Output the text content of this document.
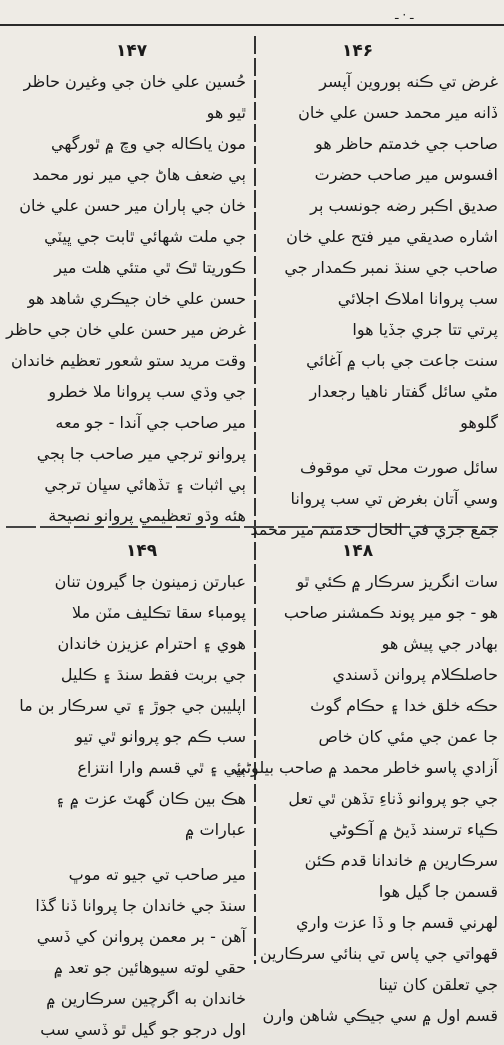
ـ · ـ
۱۴۷
حُسين علي خان جي وغيرن حاظر
ٿيو هو
مون ياڪاله جي وچ ۾ ٿورگهي
ٻي ضعف هاڻ جي مير نور محمد
خان جي ٻاران مير حسن علي خان
جي ملت شهائي ٿابت جي ڀيٽي
ڪوريتا ٿڪ ٿي متئي هلت مير
حسن علي خان جيڪري شاهد هو
غرض مير حسن علي خان جي حاظر
وقت مريد ستو شعور تعظيم خاندان
جي وڌي سب پروانا ملا خطرو
مير صاحب جي آندا - جو معه
پروانو ترجي مير صاحب جا ٻجي
ٻي اثبات ۽ تڏهائي سڀان ترجي
هئه وڌو تعظيمي پروانو نصيحة
۱۴۶
غرض تي ڪنه ٻوروين آپسر
ڏانه مير محمد حسن علي خان
صاحب جي خدمتم حاظر هو
افسوس مير صاحب حضرت
صديق اڪبر رضه جونسب ٻر
اشاره صديقي مير فتح علي خان
صاحب جي سنڌ نمبر ڪمدار جي
سب پروانا املاڪ اجلائي
پرتي تتا جري جڏيا هوا
سنت جاعت جي باب ۾ آغائي
مڻي سائل گفتار ناهيا رجعدار
گلوهو
سائل صورت محل تي موقوف
وسي آتان بغرض تي سب پروانا
جمع جري في الحال خدمتم مير محمد
۱۴۹
عبارتن زمينون جا گيرون تنان
پومباء سقا تڪليف مٽن ملا
هوي ۽ احترام عزيزن خاندان
جي بربت فقط سنڌ ۽ ڪليل
اپليبن جي جوڙ ۽ تي سرڪار بن ما
سب ڪم جو پروانو ٿي تيو
ٻئي ۽ ٿي قسم وارا انتزاع
هڪ بين ڪان گهٽ عزت ۾ ۽
عبارات ۾
مير صاحب تي جيو ته موڀ
سنڌ جي خاندان جا پروانا ڏنا گڏا
آهن - بر معمن پروانن کي ڏسي
حقي لوته سيوهائين جو تعد ۾
خاندان به اگرچين سرڪارين ۾
اول درجو جو گيل ٿو ڏسي سب
۱۴۸
سات انگريز سرڪار ۾ ڪئي ٿو
هو - جو مير پوند ڪمشنر صاحب
بهادر جي پيش هو
حاصلڪلام پروانن ڏسندي
حڪه خلق خدا ۽ حڪام گوٺ
جا عمن جي مئي کان خاص
آزادي پاسو خاطر محمد ۾ صاحب بيلوڻي
جي جو پروانو ڏناءِ تڏهن ٿي تعل
ڪياء ترسند ڏيڻ ۾ آڪوڻي
سرڪارين ۾ خاندانا قدم ڪئن
قسمن جا گيل هوا
لهرني قسم جا و ڏا عزت واري
قهواتي جي پاس تي بنائي سرڪارين
جي تعلقن کان تينا
قسم اول ۾ سي جيڪي شاهن وارن
